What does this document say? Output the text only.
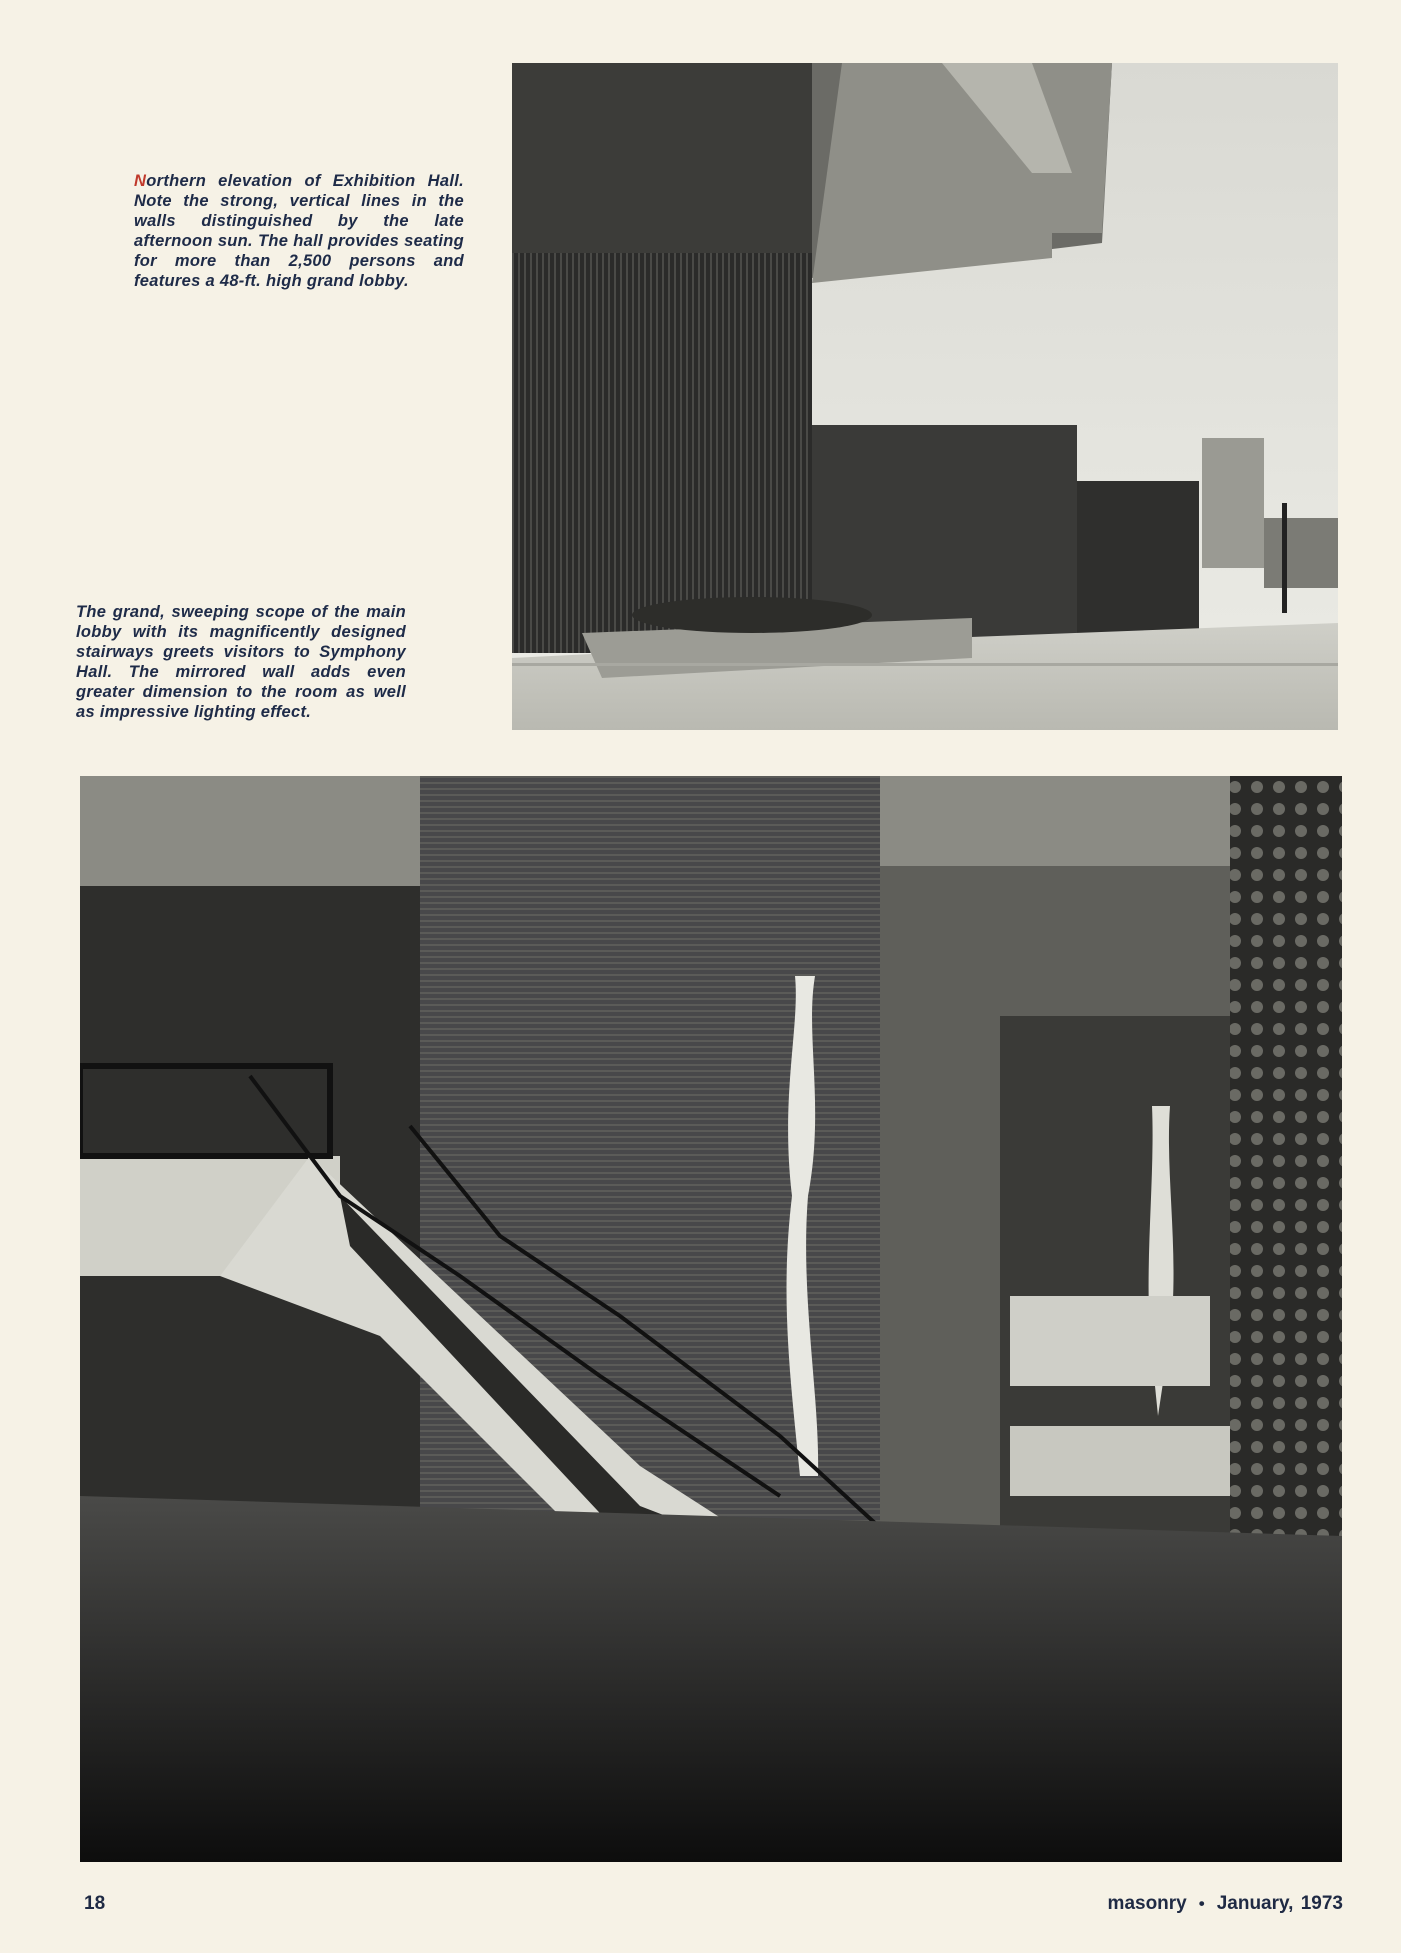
Northern elevation of Exhibition Hall. Note the strong, vertical lines in the walls distinguished by the late afternoon sun. The hall provides seating for more than 2,500 persons and features a 48-ft. high grand lobby.

The grand, sweeping scope of the main lobby with its magnificently designed stairways greets visitors to Symphony Hall. The mirrored wall adds even greater dimension to the room as well as impressive lighting effect.

18	masonry • January, 1973
